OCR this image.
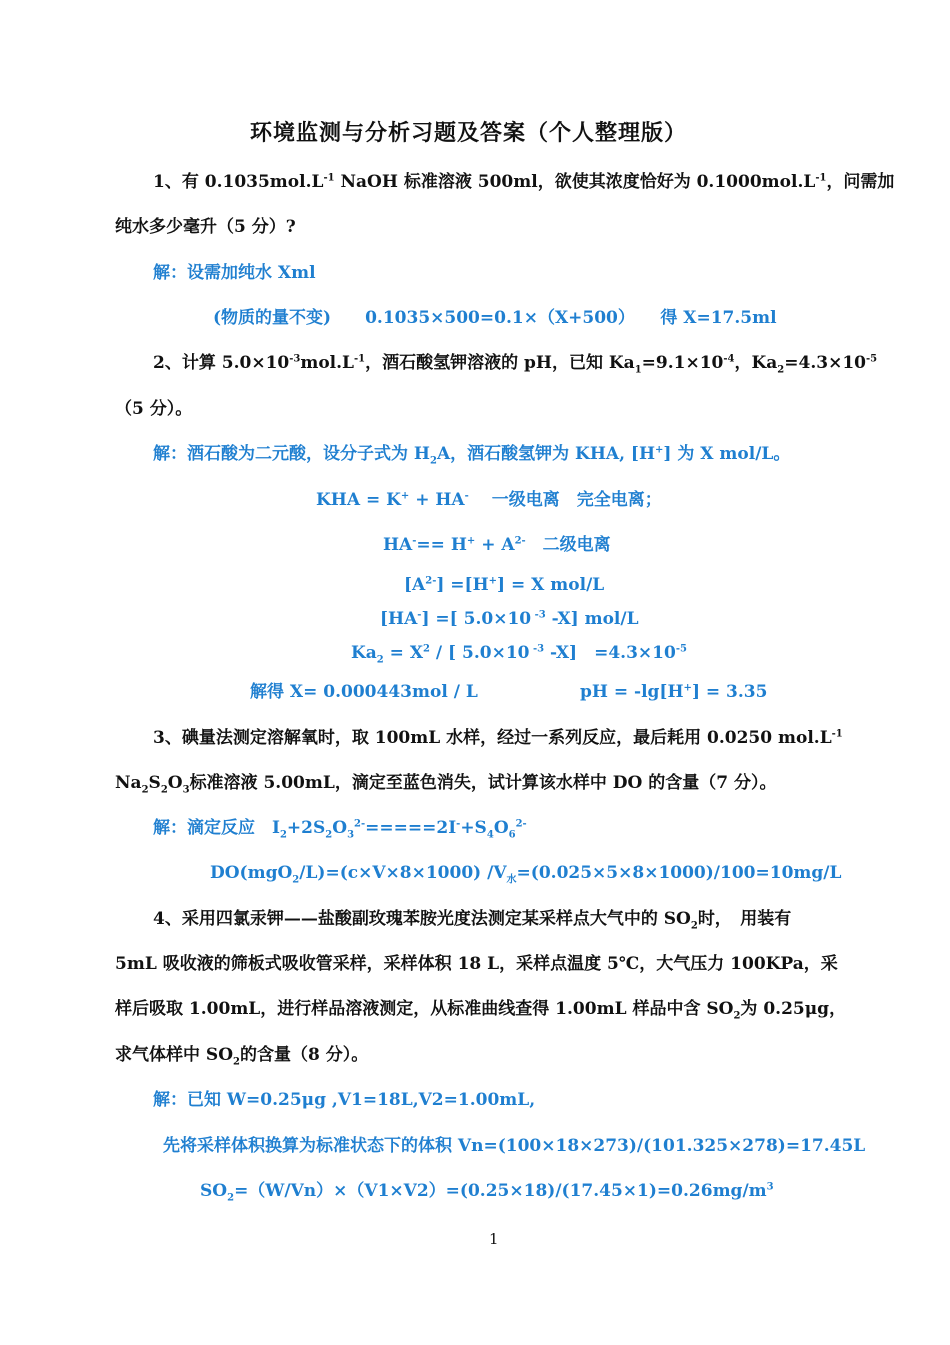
环境监测与分析习题及答案（个人整理版）
1、有 $0.1035mol.L^{-1}$ NaOH 标准溶液 500ml，欲使其浓度恰好为 $0.1000mol.L^{-1}$，问需加
纯水多少毫升（5 分）?
解：设需加纯水 Xml
(物质的量不变)　　0.1035×500=0.1×（X+500）　　得 X=17.5ml
2、计算 $5.0\times 10^{-3}mol.L^{-1}$，酒石酸氢钾溶液的 pH，已知 $Ka_1=9.1\times 10^{-4}$，$Ka_2=4.3\times 10^{-5}$
（5 分）。
解：酒石酸为二元酸，设分子式为 $H_2A$，酒石酸氢钾为 KHA, [H+] 为 X mol/L。
KHA = K+ + HA-　 一级电离　完全电离；
$HA^-== H^+ + A^{2-}$　二级电离
$[A^{2-}] =[H^+] = X$ mol/L
[HA-] =[ 5.0×10 $^{-3}$ -X] mol/L
$Ka_2 = X^2$ / [ 5.0×10 $^{-3}$ -X]　$=4.3\times 10^{-5}$
解得 X= 0.000443mol / L	pH = -lg[H+] = 3.35
3、碘量法测定溶解氧时，取 100mL 水样，经过一系列反应，最后耗用 0.0250 $mol.L^{-1}$
$Na_2S_2O_3$标准溶液 5.00mL，滴定至蓝色消失，试计算该水样中 DO 的含量（7 分）。
解：滴定反应　$I_2+2S_2O_3^{2-}=====2I^-+S_4O_6^{2-}$
DO(mgO$_2$/L)=(c×V×8×1000) $/V_水=(0.025\times 5\times 8\times 1000)/100=10mg/L$
4、采用四氯汞钾——盐酸副玫瑰苯胺光度法测定某采样点大气中的 $SO_2$时，　用装有
5mL 吸收液的筛板式吸收管采样，采样体积 18 L，采样点温度 5℃，大气压力 100KPa，采
样后吸取 1.00mL，进行样品溶液测定，从标准曲线查得 1.00mL 样品中含 $SO_2$为 0.25μg，
求气体样中 $SO_2$的含量（8 分）。
解：已知 W=0.25μg ,V1=18L,V2=1.00mL,
先将采样体积换算为标准状态下的体积 Vn=(100×18×273)/(101.325×278)=17.45L
$SO_2=(W/Vn)\times(V1\times V2)=(0.25\times 18)/(17.45\times 1)=0.26mg/m^3$
1
